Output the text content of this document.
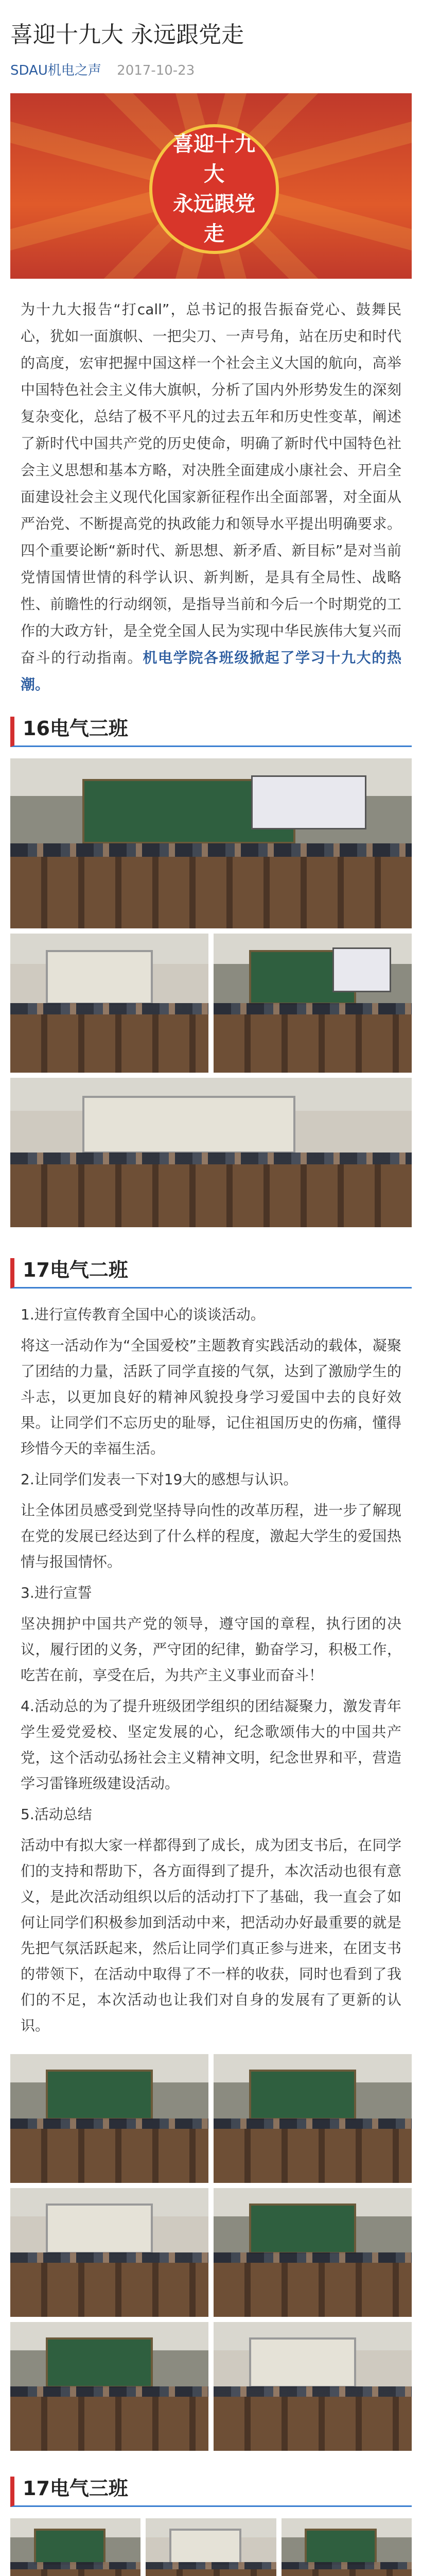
喜迎十九大 永远跟党走
SDAU机电之声 2017-10-23
喜迎十九
大
永远跟党
走

为十九大报告“打call”，总书记的报告振奋党心、鼓舞民心，犹如一面旗帜、一把尖刀、一声号角，站在历史和时代的高度，宏审把握中国这样一个社会主义大国的航向，高举中国特色社会主义伟大旗帜，分析了国内外形势发生的深刻复杂变化，总结了极不平凡的过去五年和历史性变革，阐述了新时代中国共产党的历史使命，明确了新时代中国特色社会主义思想和基本方略，对决胜全面建成小康社会、开启全面建设社会主义现代化国家新征程作出全面部署，对全面从严治党、不断提高党的执政能力和领导水平提出明确要求。四个重要论断“新时代、新思想、新矛盾、新目标”是对当前党情国情世情的科学认识、新判断，是具有全局性、战略性、前瞻性的行动纲领，是指导当前和今后一个时期党的工作的大政方针，是全党全国人民为实现中华民族伟大复兴而奋斗的行动指南。机电学院各班级掀起了学习十九大的热潮。

16电气三班
17电气二班
1.进行宣传教育全国中心的谈谈活动。
将这一活动作为“全国爱校”主题教育实践活动的载体，凝聚了团结的力量，活跃了同学直接的气氛，达到了激励学生的斗志，以更加良好的精神风貌投身学习爱国中去的良好效果。让同学们不忘历史的耻辱，记住祖国历史的伤痛，懂得珍惜今天的幸福生活。
2.让同学们发表一下对19大的感想与认识。
让全体团员感受到党坚持导向性的改革历程，进一步了解现在党的发展已经达到了什么样的程度，激起大学生的爱国热情与报国情怀。
3.进行宣誓
坚决拥护中国共产党的领导，遵守国的章程，执行团的决议，履行团的义务，严守团的纪律，勤奋学习，积极工作，吃苦在前，享受在后，为共产主义事业而奋斗！
4.活动总的为了提升班级团学组织的团结凝聚力，激发青年学生爱党爱校、坚定发展的心，纪念歌颂伟大的中国共产党，这个活动弘扬社会主义精神文明，纪念世界和平，营造学习雷锋班级建设活动。
5.活动总结
活动中有拟大家一样都得到了成长，成为团支书后，在同学们的支持和帮助下，各方面得到了提升，本次活动也很有意义，是此次活动组织以后的活动打下了基础，我一直会了如何让同学们积极参加到活动中来，把活动办好最重要的就是先把气氛活跃起来，然后让同学们真正参与进来，在团支书的带领下，在活动中取得了不一样的收获，同时也看到了我们的不足，本次活动也让我们对自身的发展有了更新的认识。
17电气三班
